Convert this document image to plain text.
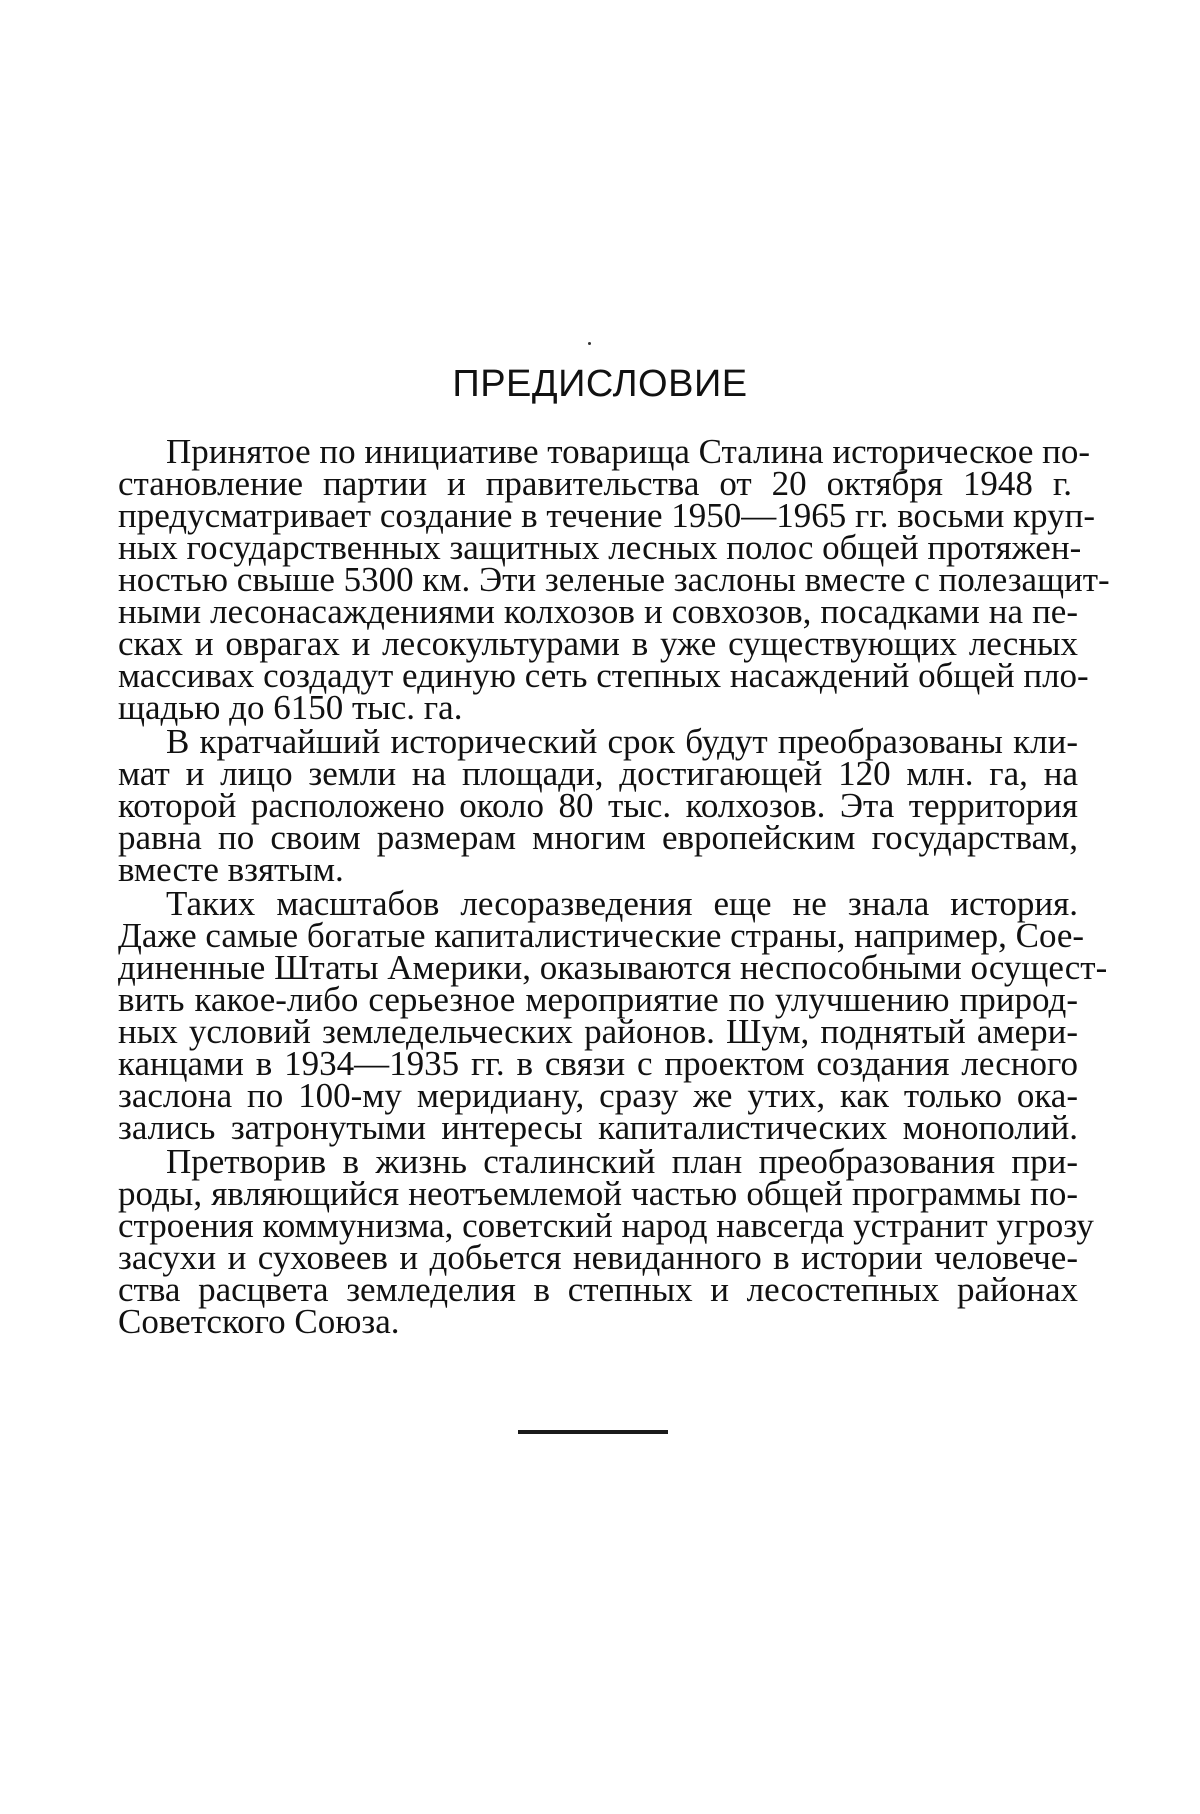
ПРЕДИСЛОВИЕ
Принятое по инициативе товарища Сталина историческое по-
становление партии и правительства от 20 октября 1948 г.
предусматривает создание в течение 1950—1965 гг. восьми круп-
ных государственных защитных лесных полос общей протяжен-
ностью свыше 5300 км. Эти зеленые заслоны вместе с полезащит-
ными лесонасаждениями колхозов и совхозов, посадками на пе-
сках и оврагах и лесокультурами в уже существующих лесных
массивах создадут единую сеть степных насаждений общей пло-
щадью до 6150 тыс. га.
В кратчайший исторический срок будут преобразованы кли-
мат и лицо земли на площади, достигающей 120 млн. га, на
которой расположено около 80 тыс. колхозов. Эта территория
равна по своим размерам многим европейским государствам,
вместе взятым.
Таких масштабов лесоразведения еще не знала история.
Даже самые богатые капиталистические страны, например, Сое-
диненные Штаты Америки, оказываются неспособными осущест-
вить какое-либо серьезное мероприятие по улучшению природ-
ных условий земледельческих районов. Шум, поднятый амери-
канцами в 1934—1935 гг. в связи с проектом создания лесного
заслона по 100-му меридиану, сразу же утих, как только ока-
зались затронутыми интересы капиталистических монополий.
Претворив в жизнь сталинский план преобразования при-
роды, являющийся неотъемлемой частью общей программы по-
строения коммунизма, советский народ навсегда устранит угрозу
засухи и суховеев и добьется невиданного в истории человече-
ства расцвета земледелия в степных и лесостепных районах
Советского Союза.
